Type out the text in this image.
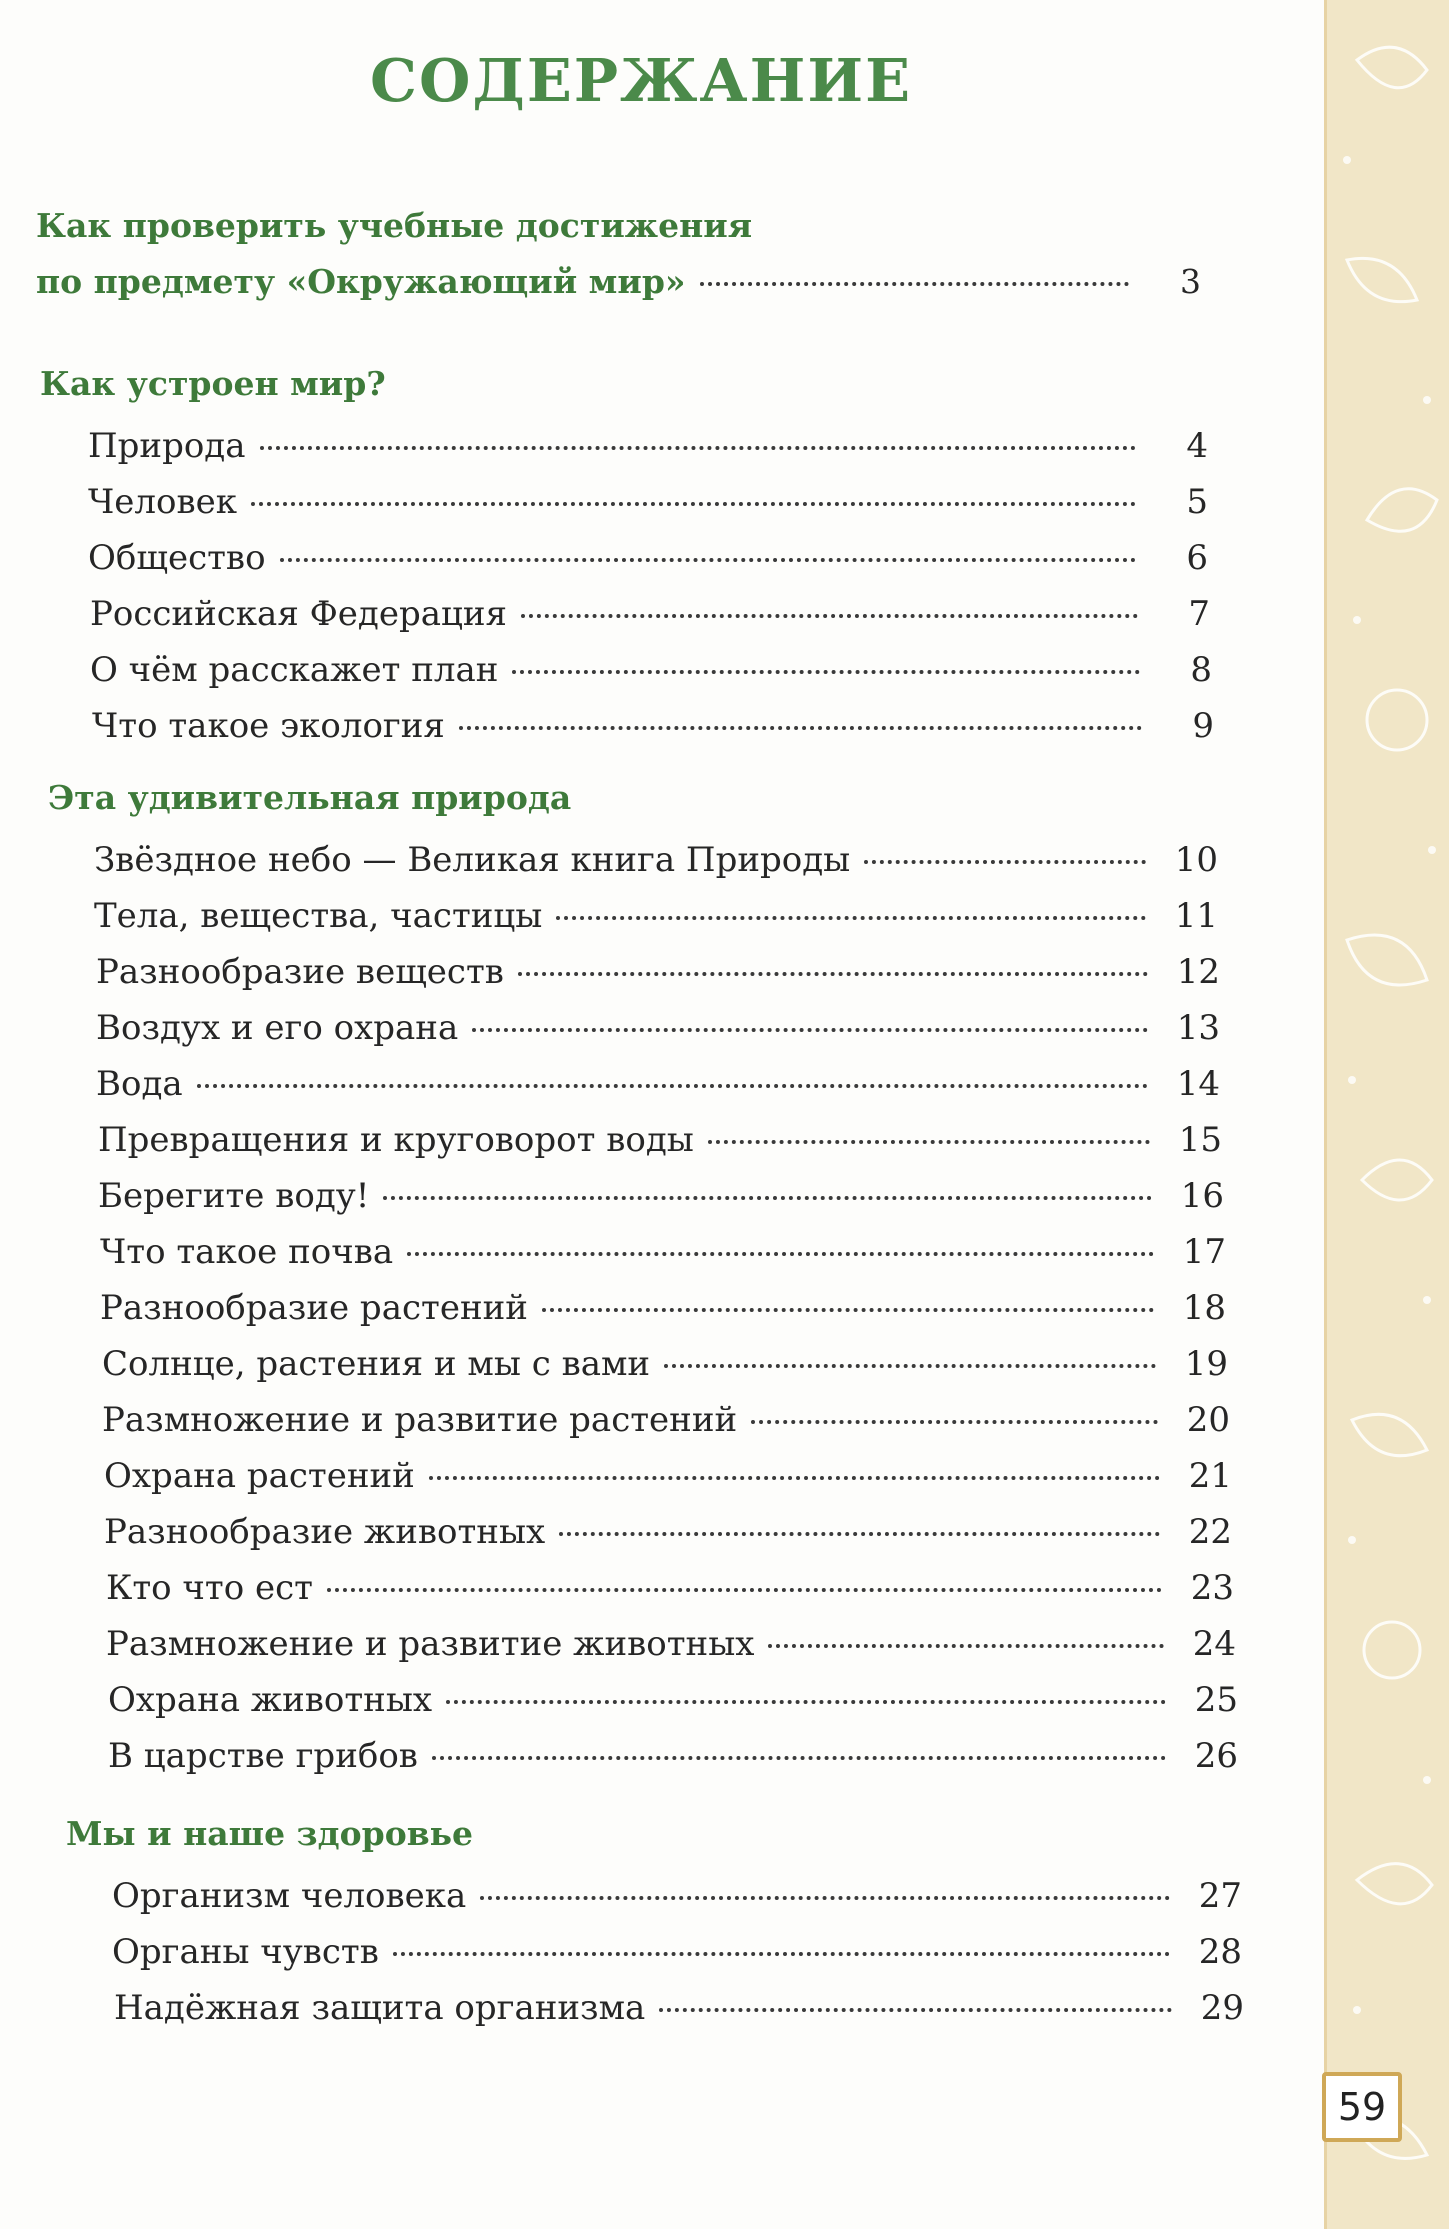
СОДЕРЖАНИЕ
Как проверить учебные достижения
по предмету «Окружающий мир»	3
Как устроен мир?
Природа	4
Человек	5
Общество	6
Российская Федерация	7
О чём расскажет план	8
Что такое экология	9
Эта удивительная природа
Звёздное небо — Великая книга Природы	10
Тела, вещества, частицы	11
Разнообразие веществ	12
Воздух и его охрана	13
Вода	14
Превращения и круговорот воды	15
Берегите воду!	16
Что такое почва	17
Разнообразие растений	18
Солнце, растения и мы с вами	19
Размножение и развитие растений	20
Охрана растений	21
Разнообразие животных	22
Кто что ест	23
Размножение и развитие животных	24
Охрана животных	25
В царстве грибов	26
Мы и наше здоровье
Организм человека	27
Органы чувств	28
Надёжная защита организма	29
59
